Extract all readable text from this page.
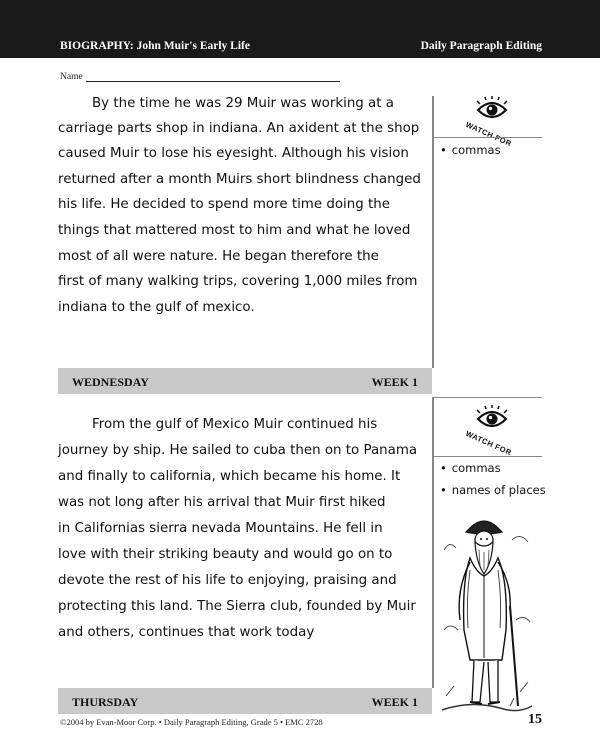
BIOGRAPHY: John Muir's Early Life	Daily Paragraph Editing
Name
By the time he was 29 Muir was working at a
carriage parts shop in indiana. An axident at the shop
caused Muir to lose his eyesight. Although his vision
returned after a month Muirs short blindness changed
his life. He decided to spend more time doing the
things that mattered most to him and what he loved
most of all were nature. He began therefore the
first of many walking trips, covering 1,000 miles from
indiana to the gulf of mexico.
WATCH FOR
• commas
WEDNESDAY	WEEK 1
From the gulf of Mexico Muir continued his
journey by ship. He sailed to cuba then on to Panama
and finally to california, which became his home. It
was not long after his arrival that Muir first hiked
in Californias sierra nevada Mountains. He fell in
love with their striking beauty and would go on to
devote the rest of his life to enjoying, praising and
protecting this land. The Sierra club, founded by Muir
and others, continues that work today
WATCH FOR
• commas
• names of places
THURSDAY	WEEK 1
©2004 by Evan-Moor Corp. • Daily Paragraph Editing, Grade 5 • EMC 2728	15
